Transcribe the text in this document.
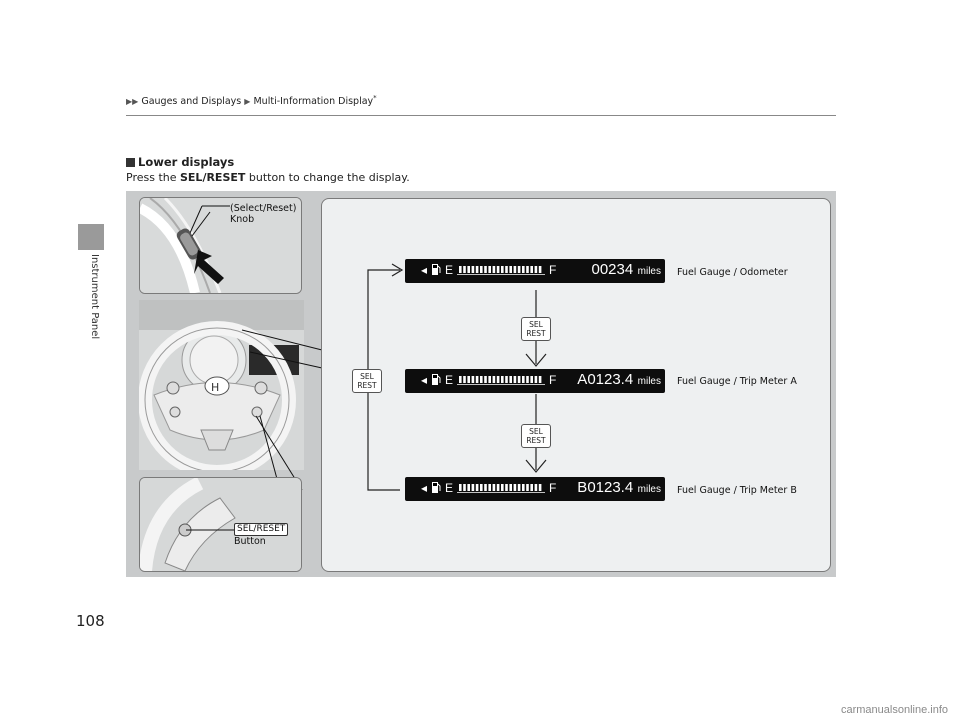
Instrument Panel
▶▶ Gauges and Displays ▶ Multi-Information Display*
Lower displays
Press the SEL/RESET button to change the display.
(Select/Reset)
Knob
H
SEL/RESET
Button
SEL
REST
SEL
REST
SEL
REST
◂ E	F 00234 miles Fuel Gauge / Odometer
◂ E	F A0123.4 miles Fuel Gauge / Trip Meter A
◂ E	F B0123.4 miles Fuel Gauge / Trip Meter B
108
carmanualsonline.info
